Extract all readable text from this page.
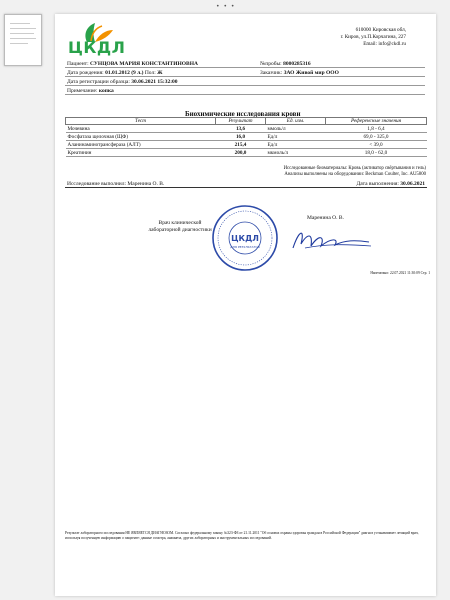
• • •
ЦКДЛ
610000 Кировская обл,
г. Киров, ул.П.Корчагина, 227
Email: info@ckdl.ru
Пациент: СУНЦОВА МАРИЯ КОНСТАНТИНОВНА	№пробы: 8000285316
Дата рождения: 01.01.2012 (9 л.) Пол: Ж	Заказчик: ЗАО Живой мир ООО
Дата регистрации образца: 30.06.2021 15:32:00
Примечание: копка
Биохимические исследования крови
Тест	Результат	Ед. изм.	Референсные значения
Мочевина	13,6	ммоль/л	1,8 - 6,4
Фосфатаза щелочная (ЩФ)	16,0	Ед/л	69,0 - 325,0
Аланинаминотрансфераза (АЛТ)	215,4	Ед/л	< 39,0
Креатинин	200,0	мкмоль/л	18,0 - 62,0
Исследованные биоматериалы: Кровь (активатор свёртывания и гель)
Анализы выполнены на оборудовании: Beckman Coulter, Inc. AU5800
Исследование выполнил: Маренина О. В.	Дата выполнения: 30.06.2021
Врач клинической
лабораторной диагностики
ЦКДЛ
ДЛЯ РЕЗУЛЬТАТОВ
Маренина О. В.
Напечатано: 22.07.2021 11:30:09 Стр. 1
Результат лабораторного исследования НЕ ЯВЛЯЕТСЯ ДИАГНОЗОМ. Согласно федеральному закону №323-ФЗ от 21.11.2011 "Об основах охраны здоровья граждан в Российской Федерации" диагноз устанавливает лечащий врач, используя полученную информацию о пациенте: данные осмотра, анамнеза, других лабораторных и инструментальных исследований.
